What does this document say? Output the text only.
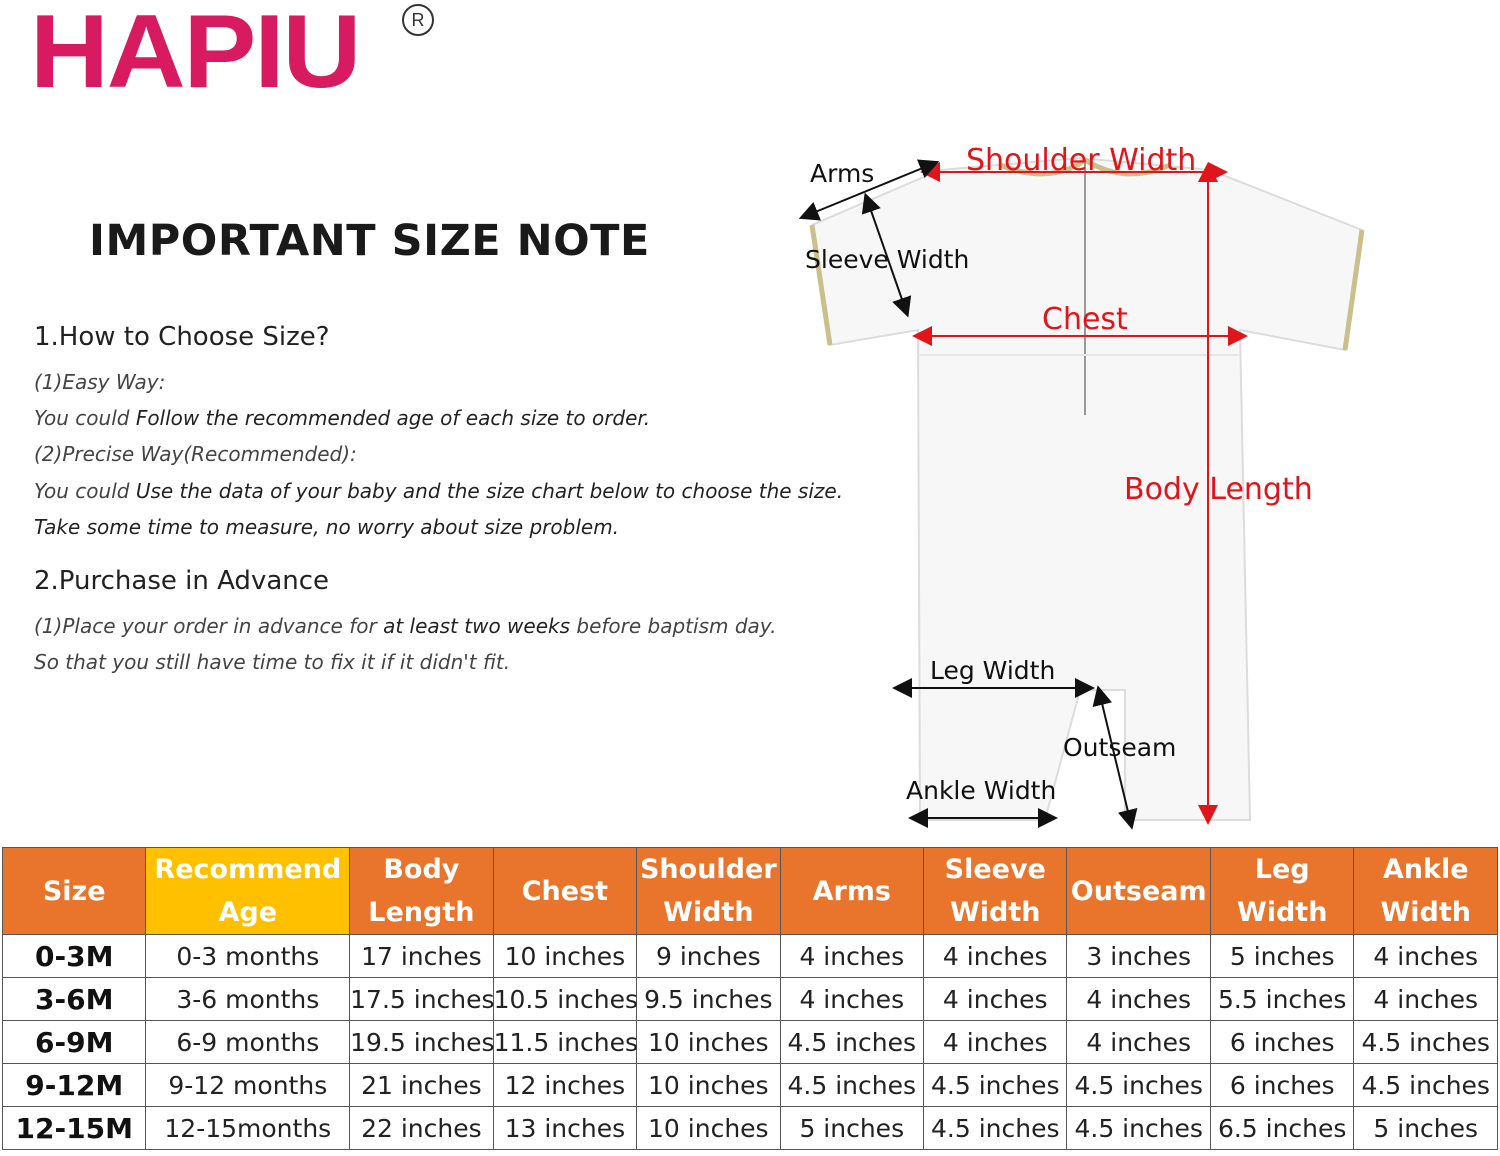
HAPIU	R
IMPORTANT SIZE NOTE
1.How to Choose Size?
(1)Easy Way:
You could Follow the recommended age of each size to order.
(2)Precise Way(Recommended):
You could Use the data of your baby and the size chart below to choose the size.
Take some time to measure, no worry about size problem.
2.Purchase in Advance
(1)Place your order in advance for at least two weeks before baptism day.
So that you still have time to fix it if it didn't fit.
Arms	Shoulder Width
Sleeve Width
Chest
Body Length
Leg Width
Outseam
Ankle Width
Size	Recommend Age	Body Length	Chest	Shoulder Width	Arms	Sleeve Width	Outseam	Leg Width	Ankle Width
0-3M	0-3 months	17 inches	10 inches	9 inches	4 inches	4 inches	3 inches	5 inches	4 inches
3-6M	3-6 months	17.5 inches	10.5 inches	9.5 inches	4 inches	4 inches	4 inches	5.5 inches	4 inches
6-9M	6-9 months	19.5 inches	11.5 inches	10 inches	4.5 inches	4 inches	4 inches	6 inches	4.5 inches
9-12M	9-12 months	21 inches	12 inches	10 inches	4.5 inches	4.5 inches	4.5 inches	6 inches	4.5 inches
12-15M	12-15months	22 inches	13 inches	10 inches	5 inches	4.5 inches	4.5 inches	6.5 inches	5 inches
